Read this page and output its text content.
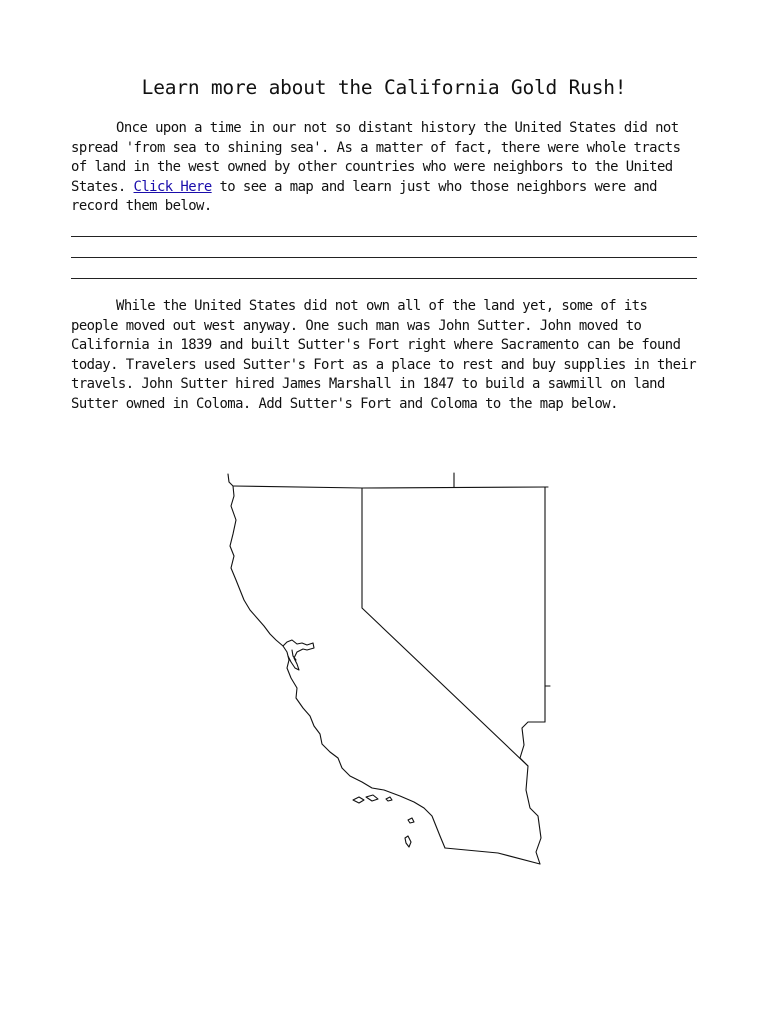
Learn more about the California Gold Rush!

Once upon a time in our not so distant history the United States did not spread 'from sea to shining sea'. As a matter of fact, there were whole tracts of land in the west owned by other countries who were neighbors to the United States. Click Here to see a map and learn just who those neighbors were and record them below.

While the United States did not own all of the land yet, some of its people moved out west anyway. One such man was John Sutter. John moved to California in 1839 and built Sutter's Fort right where Sacramento can be found today. Travelers used Sutter's Fort as a place to rest and buy supplies in their travels. John Sutter hired James Marshall in 1847 to build a sawmill on land Sutter owned in Coloma. Add Sutter's Fort and Coloma to the map below.
